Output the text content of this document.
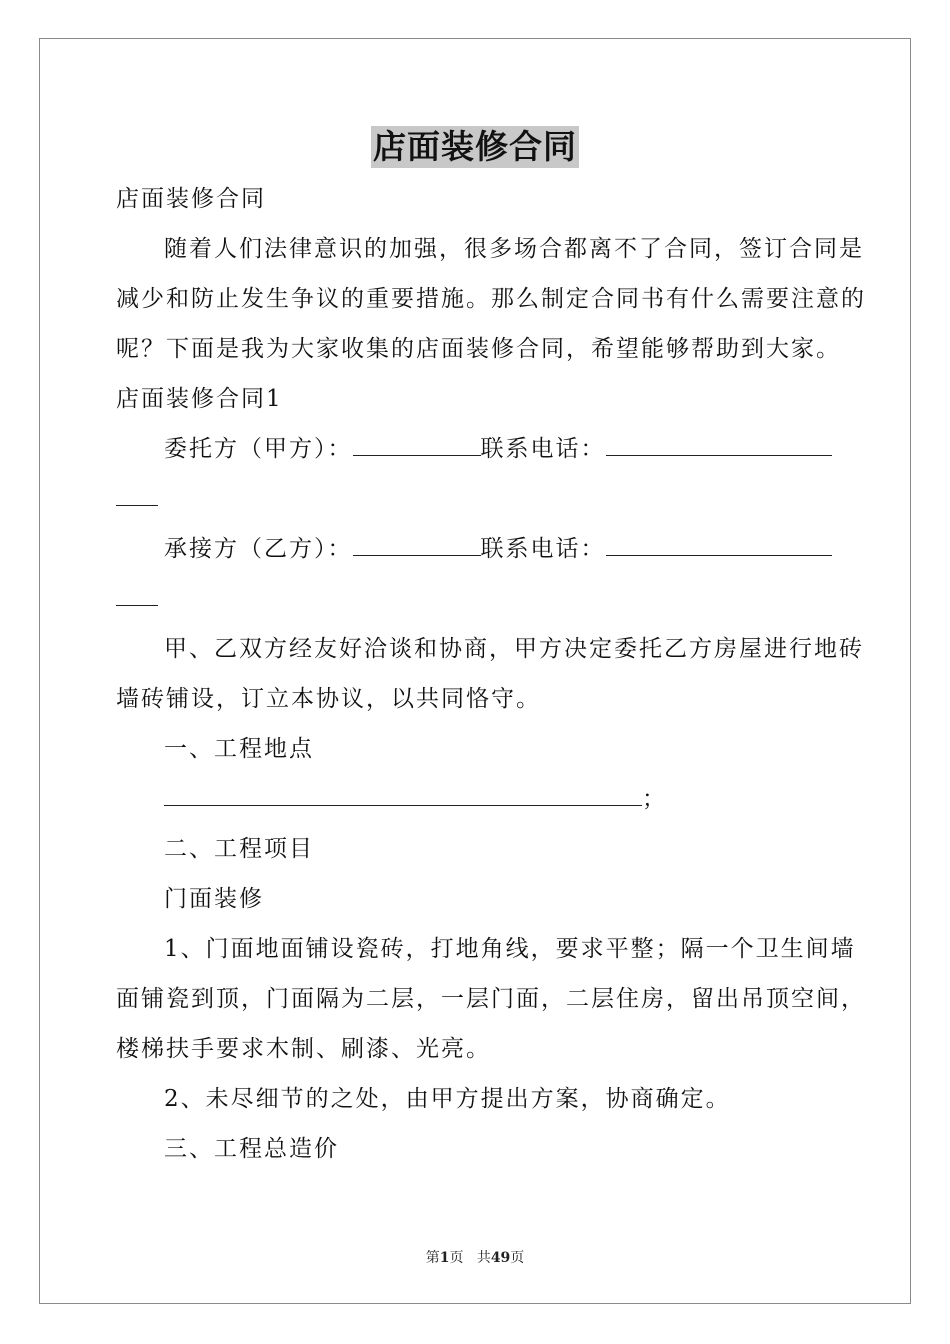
店面装修合同
店面装修合同
随着人们法律意识的加强，很多场合都离不了合同，签订合同是
减少和防止发生争议的重要措施。那么制定合同书有什么需要注意的
呢？下面是我为大家收集的店面装修合同，希望能够帮助到大家。
店面装修合同1
委托方（甲方）：	联系电话：
承接方（乙方）：	联系电话：
甲、乙双方经友好洽谈和协商，甲方决定委托乙方房屋进行地砖
墙砖铺设，订立本协议，以共同恪守。
一、工程地点
；
二、工程项目
门面装修
1、门面地面铺设瓷砖，打地角线，要求平整；隔一个卫生间墙
面铺瓷到顶，门面隔为二层，一层门面，二层住房，留出吊顶空间，
楼梯扶手要求木制、刷漆、光亮。
2、未尽细节的之处，由甲方提出方案，协商确定。
三、工程总造价
第1页 共49页
